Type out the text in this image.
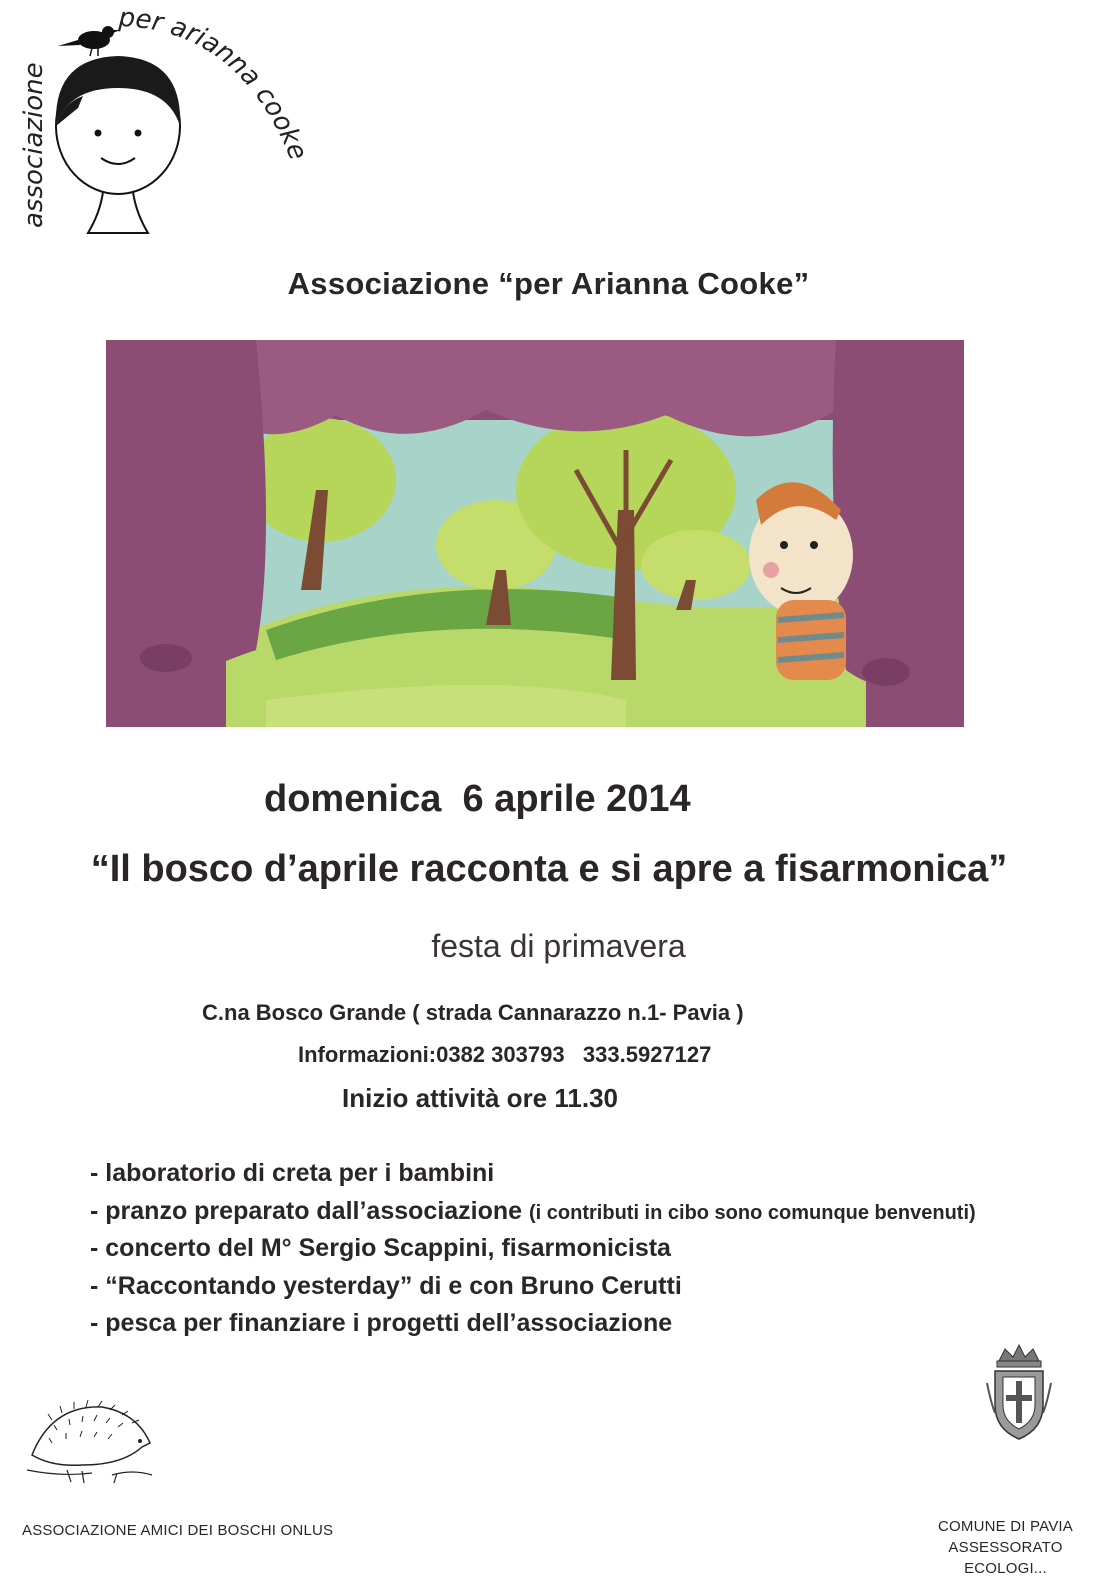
associazione
per arianna cook
Associazione “per Arianna Cooke”
domenica  6 aprile 2014
“Il bosco d’aprile racconta e si apre a fisarmonica”
festa di primavera
C.na Bosco Grande ( strada Cannarazzo n.1- Pavia )
Informazioni:0382 303793   333.5927127
Inizio attività ore 11.30
- laboratorio di creta per i bambini
- pranzo preparato dall’associazione (i contributi in cibo sono comunque benvenuti)
- concerto del M° Sergio Scappini, fisarmonicista
- “Raccontando yesterday” di e con Bruno Cerutti
- pesca per finanziare i progetti dell’associazione
ASSOCIAZIONE AMICI DEI BOSCHI ONLUS	COMUNE DI PAVIA
ASSESSORATO ECOLOGI...
